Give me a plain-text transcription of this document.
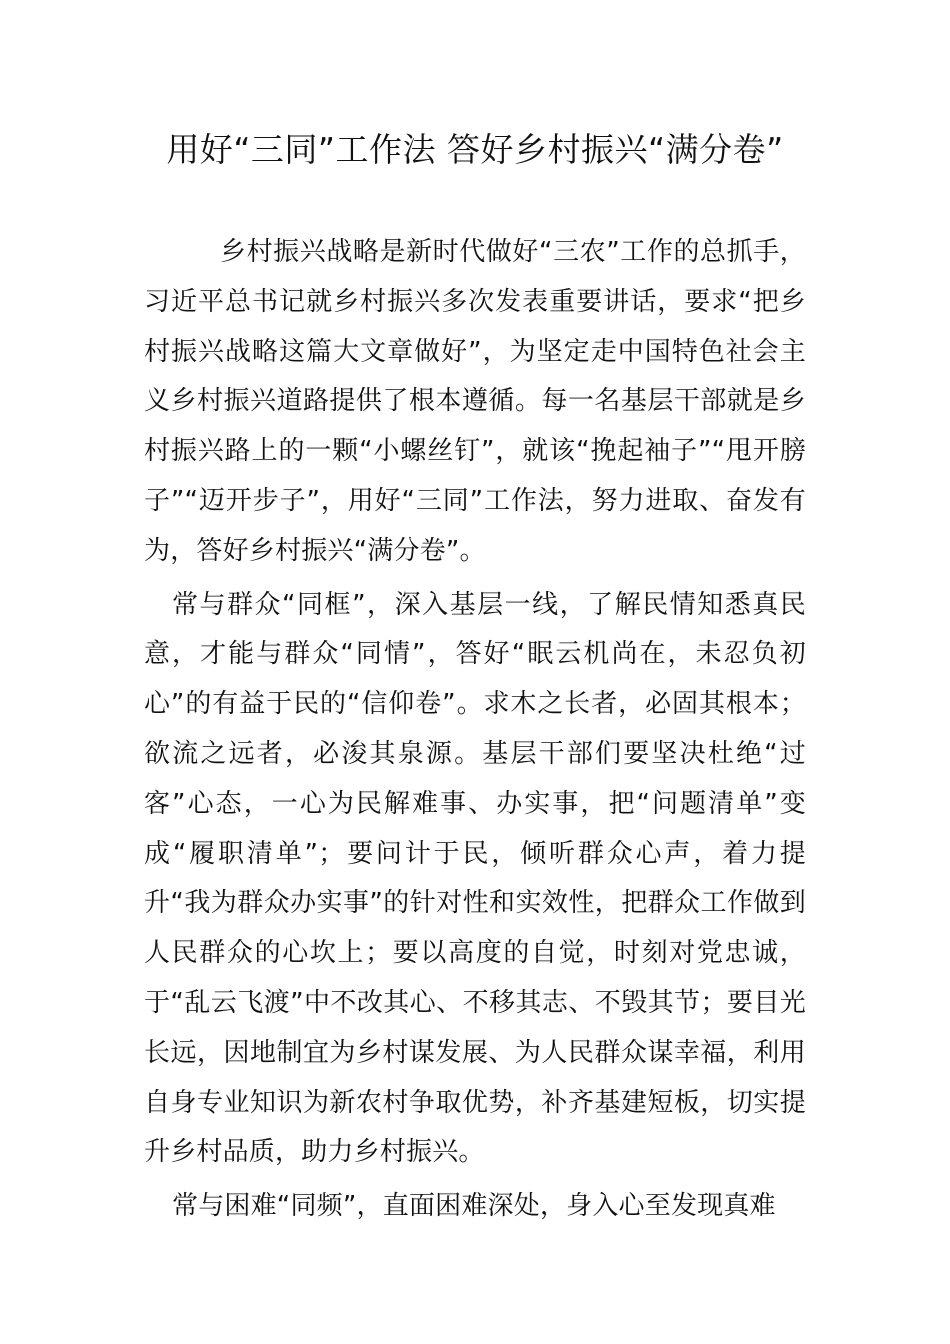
用好“三同”工作法 答好乡村振兴“满分卷”

乡村振兴战略是新时代做好“三农”工作的总抓手，习近平总书记就乡村振兴多次发表重要讲话，要求“把乡村振兴战略这篇大文章做好”，为坚定走中国特色社会主义乡村振兴道路提供了根本遵循。每一名基层干部就是乡村振兴路上的一颗“小螺丝钉”，就该“挽起袖子”“甩开膀子”“迈开步子”，用好“三同”工作法，努力进取、奋发有为，答好乡村振兴“满分卷”。

常与群众“同框”，深入基层一线，了解民情知悉真民意，才能与群众“同情”，答好“眠云机尚在，未忍负初心”的有益于民的“信仰卷”。求木之长者，必固其根本；欲流之远者，必浚其泉源。基层干部们要坚决杜绝“过客”心态，一心为民解难事、办实事，把“问题清单”变成“履职清单”；要问计于民，倾听群众心声，着力提升“我为群众办实事”的针对性和实效性，把群众工作做到人民群众的心坎上；要以高度的自觉，时刻对党忠诚，于“乱云飞渡”中不改其心、不移其志、不毁其节；要目光长远，因地制宜为乡村谋发展、为人民群众谋幸福，利用自身专业知识为新农村争取优势，补齐基建短板，切实提升乡村品质，助力乡村振兴。

常与困难“同频”，直面困难深处，身入心至发现真难
